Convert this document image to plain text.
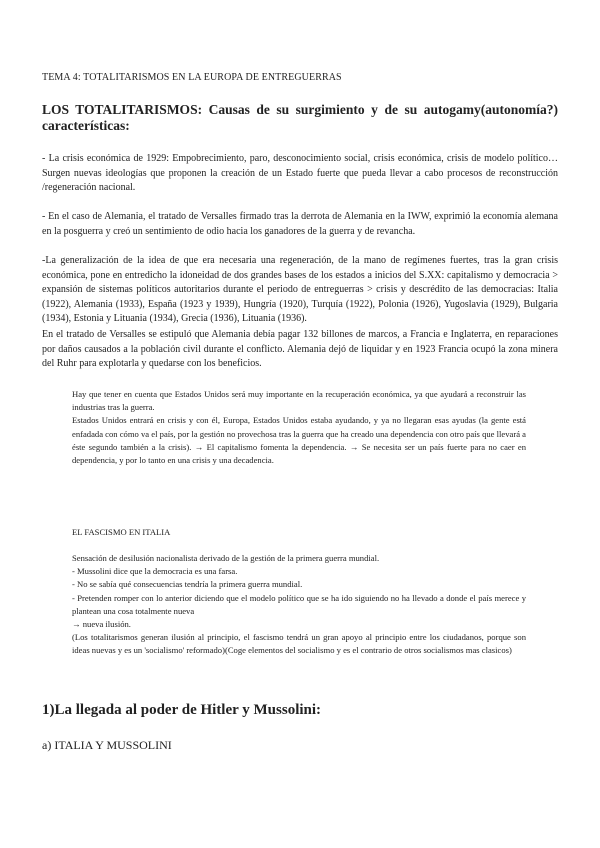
TEMA 4: TOTALITARISMOS EN LA EUROPA DE ENTREGUERRAS
LOS TOTALITARISMOS: Causas de su surgimiento y de su autogamy(autonomía?) características:
- La crisis económica de 1929: Empobrecimiento, paro, desconocimiento social, crisis económica, crisis de modelo político… Surgen nuevas ideologías que proponen la creación de un Estado fuerte que pueda llevar a cabo procesos de reconstrucción /regeneración nacional.
- En el caso de Alemania, el tratado de Versalles firmado tras la derrota de Alemania en la IWW, exprimió la economía alemana en la posguerra y creó un sentimiento de odio hacia los ganadores de la guerra y de revancha.
-La generalización de la idea de que era necesaria una regeneración, de la mano de regímenes fuertes, tras la gran crisis económica, pone en entredicho la idoneidad de dos grandes bases de los estados a inicios del S.XX: capitalismo y democracia > expansión de sistemas políticos autoritarios durante el periodo de entreguerras > crisis y descrédito de las democracias: Italia (1922), Alemania (1933), España (1923 y 1939), Hungría (1920), Turquía (1922), Polonia (1926), Yugoslavia (1929), Bulgaria (1934), Estonia y Lituania (1934), Grecia (1936), Lituania (1936).
En el tratado de Versalles se estipuló que Alemania debía pagar 132 billones de marcos, a Francia e Inglaterra, en reparaciones por daños causados a la población civil durante el conflicto. Alemania dejó de liquidar y en 1923 Francia ocupó la zona minera del Ruhr para explotarla y quedarse con los beneficios.

Hay que tener en cuenta que Estados Unidos será muy importante en la recuperación económica, ya que ayudará a reconstruir las industrias tras la guerra.

Estados Unidos entrará en crisis y con él, Europa, Estados Unidos estaba ayudando, y ya no llegaran esas ayudas (la gente está enfadada con cómo va el país, por la gestión no provechosa tras la guerra que ha creado una dependencia con otro país que llevará a éste segundo también a la crisis). → El capitalismo fomenta la dependencia. → Se necesita ser un país fuerte para no caer en dependencia, y por lo tanto en una crisis y una decadencia.

EL FASCISMO EN ITALIA

Sensación de desilusión nacionalista derivado de la gestión de la primera guerra mundial.

- Mussolini dice que la democracia es una farsa.

- No se sabía qué consecuencias tendría la primera guerra mundial.

- Pretenden romper con lo anterior diciendo que el modelo político que se ha ido siguiendo no ha llevado a donde el país merece y plantean una cosa totalmente nueva

→ nueva ilusión.

(Los totalitarismos generan ilusión al principio, el fascismo tendrá un gran apoyo al principio entre los ciudadanos, porque son ideas nuevas y es un 'socialismo' reformado)(Coge elementos del socialismo y es el contrario de otros socialismos mas clasicos)

1)La llegada al poder de Hitler y Mussolini:
a) ITALIA Y MUSSOLINI
